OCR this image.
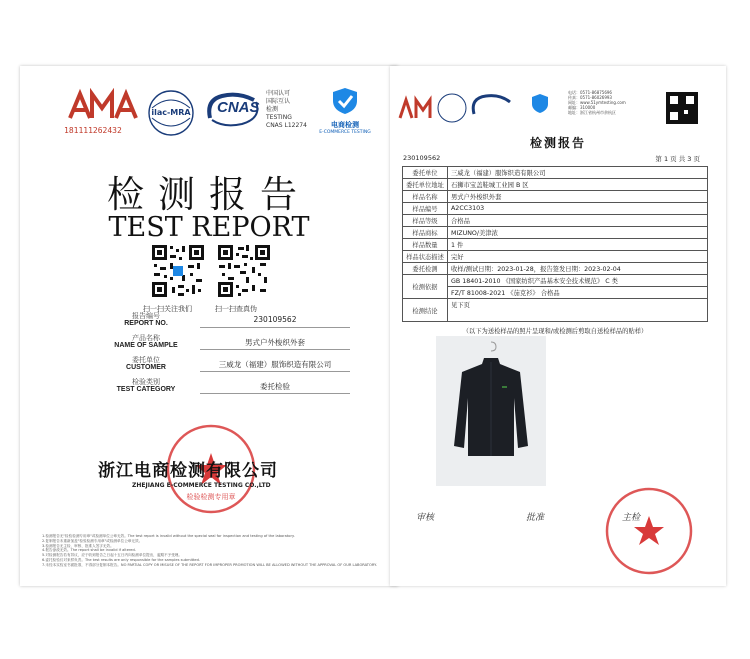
181111262432
ilac-MRA	CNAS
中国认可
国际互认
检测
TESTING
CNAS L12274	电商检测
E-COMMERCE TESTING
检测报告
TEST REPORT
扫一扫关注我们	扫一扫查真伪
报告编号
REPORT NO.	230109562
产品名称
NAME OF SAMPLE	男式户外梭织外套
委托单位
CUSTOMER	三威龙（福建）服饰织造有限公司
检验类别
TEST CATEGORY	委托检验
检验检测专用章
浙江电商检测有限公司
ZHEJIANG E-COMMERCE TESTING CO.,LTD
1.检测报告无"检验检测专用章"或检测单位公章无效。The test report is invalid without the special seal for inspection and testing of the laboratory.
2.复制报告未重新加盖"检验检测专用章"或检测单位公章无效。
3.检测报告无主检、审核、批准人签字无效。
4.报告涂改无效。The report shall be invalid if altered.
5.对检测报告若有异议，应于收到报告之日起十五日内向检测单位提出，逾期不予受理。
6.委托检验仅对来样负责。The test results are only responsible for the samples submitted.
7.未经本实验室书面批准，不得部分复制本报告。NO PARTIAL COPY OR MISUSE OF THE REPORT FOR IMPROPER PROMOTION WILL BE ALLOWED WITHOUT THE APPROVAL OF OUR LABORATORY.
电话：0571-86875696
传真：0571-86026993
网址：www.51ymtesting.com
邮编：310000
地址：浙江省杭州市余杭区
检测报告
230109562	第 1 页 共 3 页
委托单位	三威龙（福建）服饰织造有限公司
委托单位地址	石狮市宝盖鞋城工业园 B 区
样品名称	男式户外梭织外套
样品编号	A2CC3103
样品等级	合格品
样品商标	MIZUNO/美津浓
样品数量	1 件
样品状态描述	完好
委托检测	收样/测试日期：2023-01-28，报告签发日期：2023-02-04
检测依据	GB 18401-2010 《国家纺织产品基本安全技术规范》 C 类
	FZ/T 81008-2021 《茄克衫》 合格品
检测结论	见下页
（以下为送检样品的照片呈现和/或检测后剪取自送检样品的贴样）	
审核	批准	主检
